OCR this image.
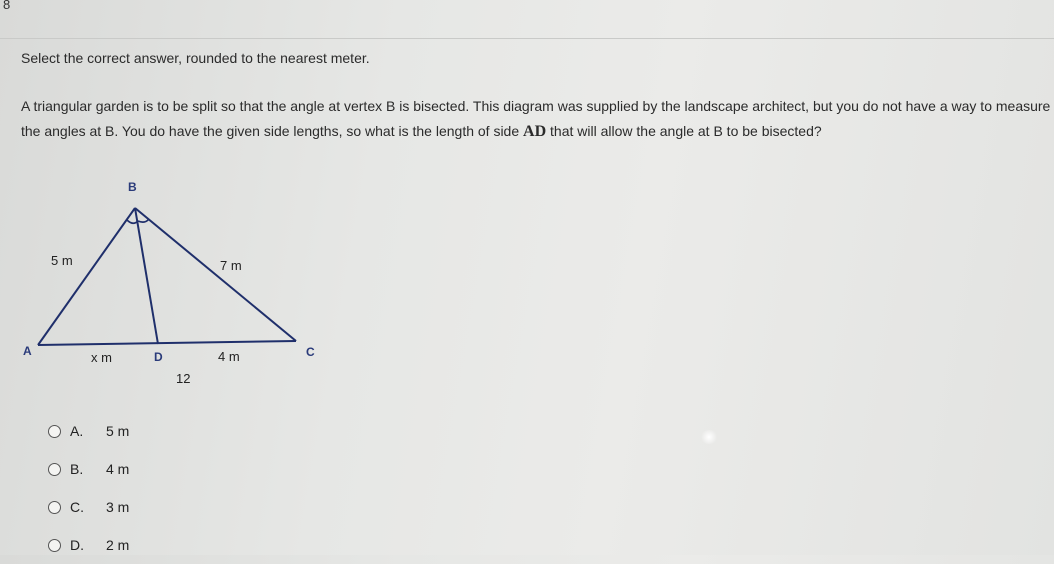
8
Select the correct answer, rounded to the nearest meter.
A triangular garden is to be split so that the angle at vertex B is bisected. This diagram was supplied by the landscape architect, but you do not have a way to measure the angles at B. You do have the given side lengths, so what is the length of side AD that will allow the angle at B to be bisected?
B
A	C
D
5 m	7 m
x m	4 m
12
A.	5 m
B.	4 m
C.	3 m
D.	2 m
